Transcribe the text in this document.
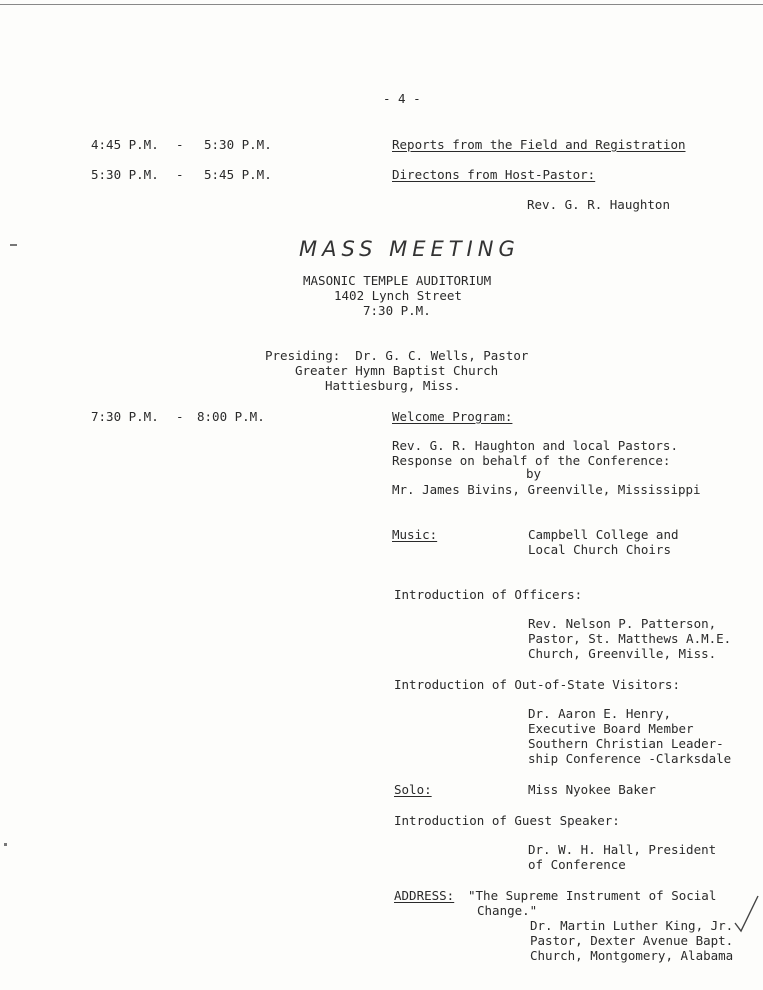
- 4 -
4:45 P.M. - 5:30 P.M.	Reports from the Field and Registration
5:30 P.M. - 5:45 P.M.	Directons from Host-Pastor:
Rev. G. R. Haughton
MASS MEETING
MASONIC TEMPLE AUDITORIUM
1402 Lynch Street
7:30 P.M.
Presiding:  Dr. G. C. Wells, Pastor
Greater Hymn Baptist Church
Hattiesburg, Miss.
7:30 P.M. - 8:00 P.M.	Welcome Program:
Rev. G. R. Haughton and local Pastors.
Response on behalf of the Conference:
by
Mr. James Bivins, Greenville, Mississippi
Music:	Campbell College and
Local Church Choirs
Introduction of Officers:
Rev. Nelson P. Patterson,
Pastor, St. Matthews A.M.E.
Church, Greenville, Miss.
Introduction of Out-of-State Visitors:
Dr. Aaron E. Henry,
Executive Board Member
Southern Christian Leader-
ship Conference -Clarksdale
Solo:	Miss Nyokee Baker
Introduction of Guest Speaker:
Dr. W. H. Hall, President
of Conference
ADDRESS: "The Supreme Instrument of Social
Change."
Dr. Martin Luther King, Jr.
Pastor, Dexter Avenue Bapt.
Church, Montgomery, Alabama
